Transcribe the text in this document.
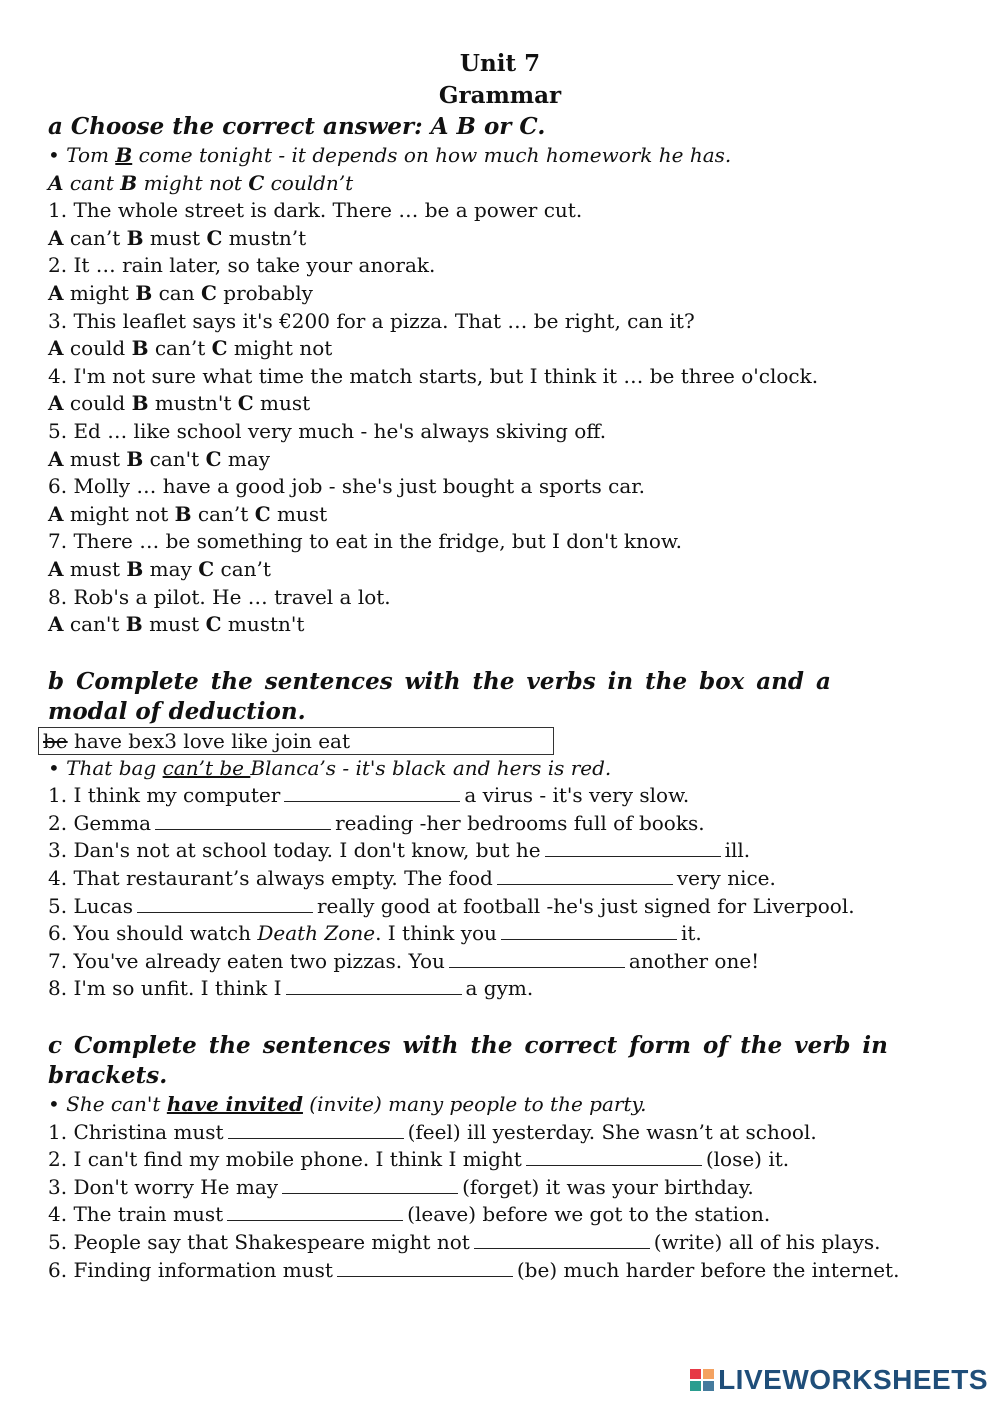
Unit 7

Grammar

a Choose the correct answer: A B or C.

• Tom B come tonight - it depends on how much homework he has.

A cant B might not C couldn’t

1. The whole street is dark. There … be a power cut.

A can’t B must C mustn’t

2. It … rain later, so take your anorak.

A might B can C probably

3. This leaflet says it's €200 for a pizza. That … be right, can it?

A could B can’t C might not

4. I'm not sure what time the match starts, but I think it … be three o'clock.

A could B mustn't C must

5. Ed … like school very much - he's always skiving off.

A must B can't C may

6. Molly … have a good job - she's just bought a sports car.

A might not B can’t C must

7. There … be something to eat in the fridge, but I don't know.

A must B may C can’t

8. Rob's a pilot. He … travel a lot.

A can't B must C mustn't

b Complete the sentences with the verbs in the box and a

modal of deduction.

be have bex3 love like join eat

• That bag can’t be Blanca’s - it's black and hers is red.

1. I think my computer	a virus - it's very slow.

2. Gemma	reading -her bedrooms full of books.

3. Dan's not at school today. I don't know, but he	ill.

4. That restaurant’s always empty. The food	very nice.

5. Lucas	really good at football -he's just signed for Liverpool.

6. You should watch Death Zone. I think you	it.

7. You've already eaten two pizzas. You	another one!

8. I'm so unfit. I think I	a gym.

c Complete the sentences with the correct form of the verb in

brackets.

• She can't have invited (invite) many people to the party.

1. Christina must	(feel) ill yesterday. She wasn’t at school.

2. I can't find my mobile phone. I think I might	(lose) it.

3. Don't worry He may	(forget) it was your birthday.

4. The train must	(leave) before we got to the station.

5. People say that Shakespeare might not	(write) all of his plays.

6. Finding information must	(be) much harder before the internet.

LIVEWORKSHEETS
